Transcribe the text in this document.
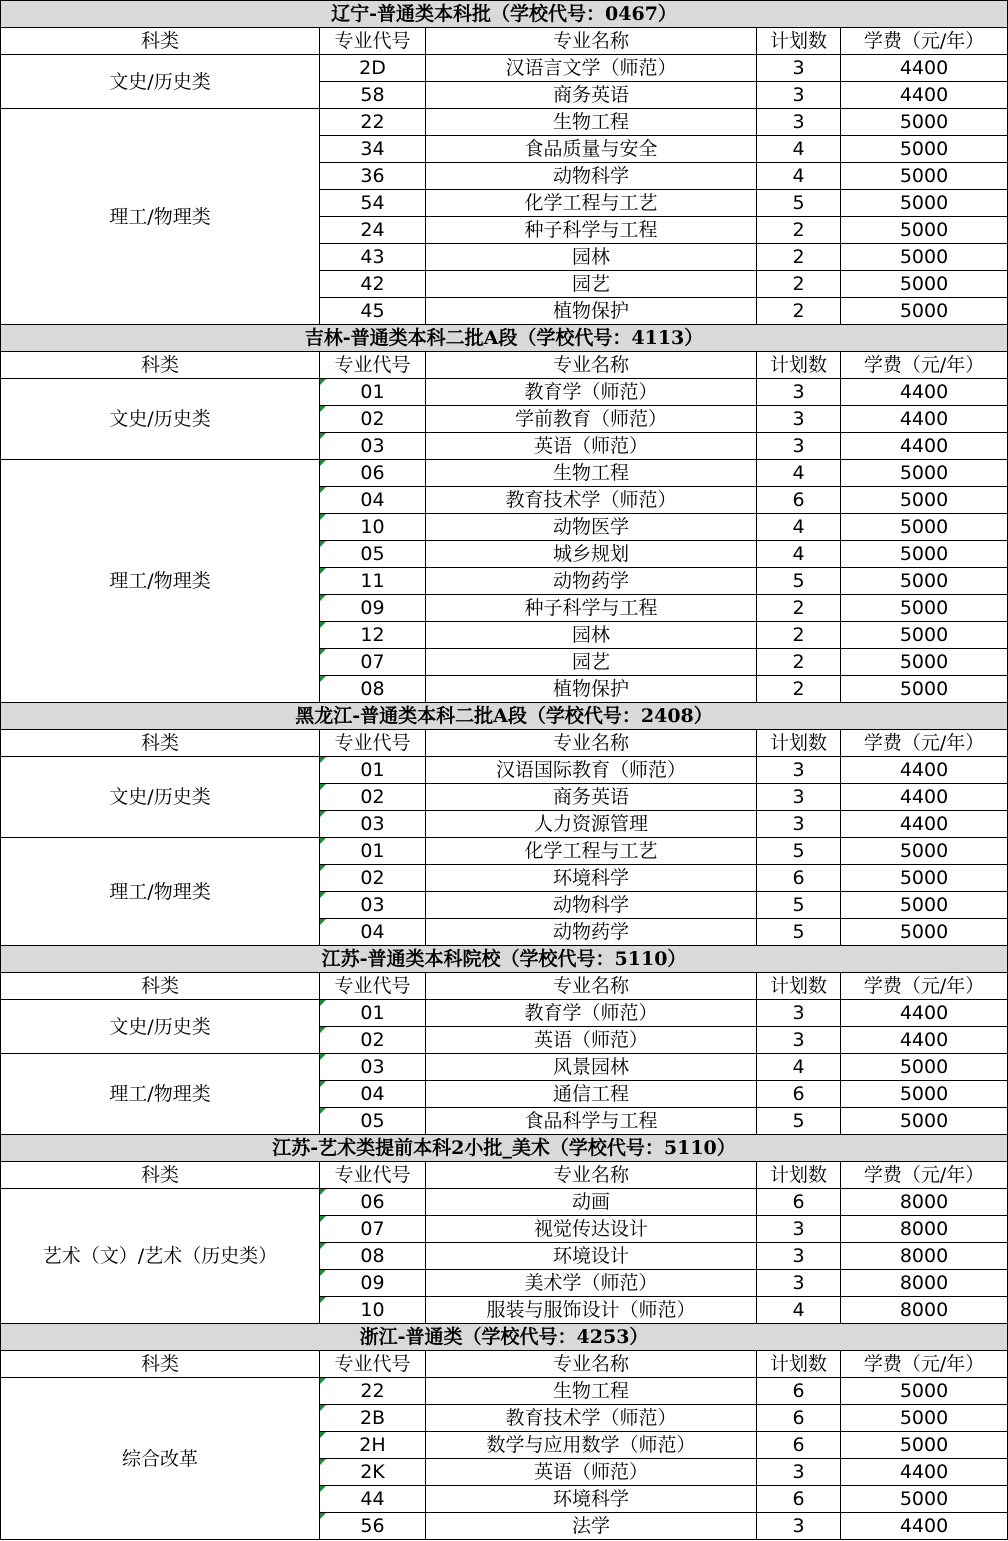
辽宁-普通类本科批（学校代号：0467）				
科类	专业代号	专业名称	计划数	学费（元/年）
文史/历史类	2D	汉语言文学（师范）	3	4400
	58	商务英语	3	4400
理工/物理类	22	生物工程	3	5000
	34	食品质量与安全	4	5000
	36	动物科学	4	5000
	54	化学工程与工艺	5	5000
	24	种子科学与工程	2	5000
	43	园林	2	5000
	42	园艺	2	5000
	45	植物保护	2	5000
吉林-普通类本科二批A段（学校代号：4113）				
科类	专业代号	专业名称	计划数	学费（元/年）
文史/历史类	01	教育学（师范）	3	4400
	02	学前教育（师范）	3	4400
	03	英语（师范）	3	4400
理工/物理类	06	生物工程	4	5000
	04	教育技术学（师范）	6	5000
	10	动物医学	4	5000
	05	城乡规划	4	5000
	11	动物药学	5	5000
	09	种子科学与工程	2	5000
	12	园林	2	5000
	07	园艺	2	5000
	08	植物保护	2	5000
黑龙江-普通类本科二批A段（学校代号：2408）				
科类	专业代号	专业名称	计划数	学费（元/年）
文史/历史类	01	汉语国际教育（师范）	3	4400
	02	商务英语	3	4400
	03	人力资源管理	3	4400
理工/物理类	01	化学工程与工艺	5	5000
	02	环境科学	6	5000
	03	动物科学	5	5000
	04	动物药学	5	5000
江苏-普通类本科院校（学校代号：5110）				
科类	专业代号	专业名称	计划数	学费（元/年）
文史/历史类	01	教育学（师范）	3	4400
	02	英语（师范）	3	4400
理工/物理类	03	风景园林	4	5000
	04	通信工程	6	5000
	05	食品科学与工程	5	5000
江苏-艺术类提前本科2小批_美术（学校代号：5110）				
科类	专业代号	专业名称	计划数	学费（元/年）
艺术（文）/艺术（历史类）	06	动画	6	8000
	07	视觉传达设计	3	8000
	08	环境设计	3	8000
	09	美术学（师范）	3	8000
	10	服装与服饰设计（师范）	4	8000
浙江-普通类（学校代号：4253）				
科类	专业代号	专业名称	计划数	学费（元/年）
综合改革	22	生物工程	6	5000
	2B	教育技术学（师范）	6	5000
	2H	数学与应用数学（师范）	6	5000
	2K	英语（师范）	3	4400
	44	环境科学	6	5000
	56	法学	3	4400
